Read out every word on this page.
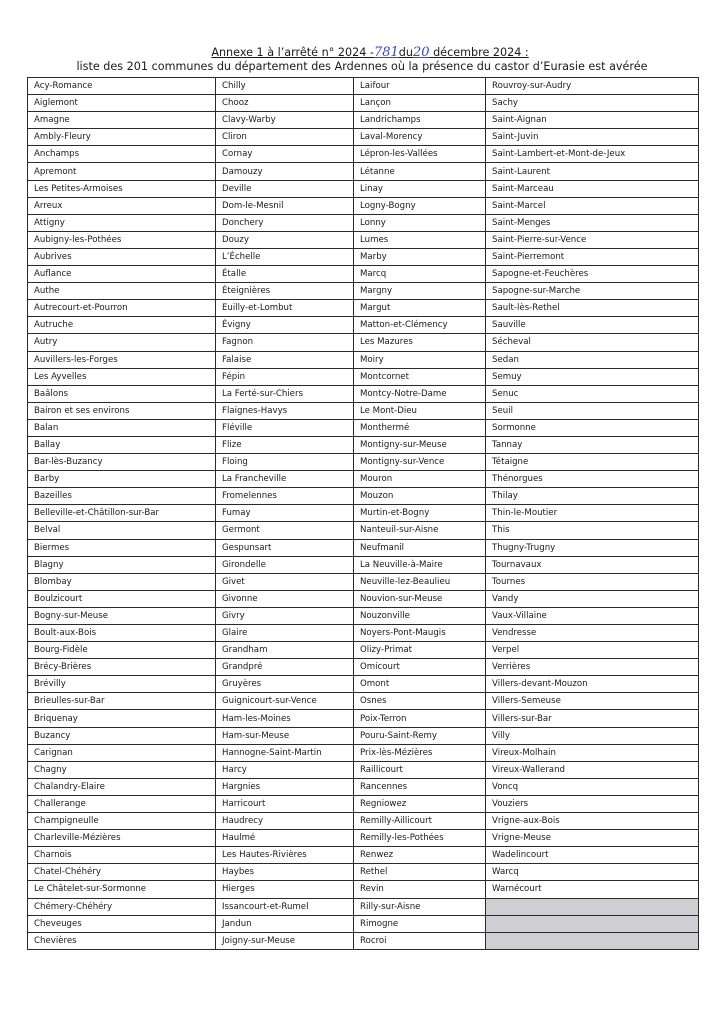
Annexe 1 à l’arrêté n° 2024 -781du20 décembre 2024 :
liste des 201 communes du département des Ardennes où la présence du castor d’Eurasie est avérée
Acy-Romance	Chilly	Laifour	Rouvroy-sur-Audry
Aiglemont	Chooz	Lançon	Sachy
Amagne	Clavy-Warby	Landrichamps	Saint-Aignan
Ambly-Fleury	Cliron	Laval-Morency	Saint-Juvin
Anchamps	Cornay	Lépron-les-Vallées	Saint-Lambert-et-Mont-de-Jeux
Apremont	Damouzy	Létanne	Saint-Laurent
Les Petites-Armoises	Deville	Linay	Saint-Marceau
Arreux	Dom-le-Mesnil	Logny-Bogny	Saint-Marcel
Attigny	Donchery	Lonny	Saint-Menges
Aubigny-les-Pothées	Douzy	Lumes	Saint-Pierre-sur-Vence
Aubrives	L’Échelle	Marby	Saint-Pierremont
Auflance	Étalle	Marcq	Sapogne-et-Feuchères
Authe	Éteignières	Margny	Sapogne-sur-Marche
Autrecourt-et-Pourron	Euilly-et-Lombut	Margut	Sault-lès-Rethel
Autruche	Évigny	Matton-et-Clémency	Sauville
Autry	Fagnon	Les Mazures	Sécheval
Auvillers-les-Forges	Falaise	Moiry	Sedan
Les Ayvelles	Fépin	Montcornet	Semuy
Baâlons	La Ferté-sur-Chiers	Montcy-Notre-Dame	Senuc
Bairon et ses environs	Flaignes-Havys	Le Mont-Dieu	Seuil
Balan	Fléville	Monthermé	Sormonne
Ballay	Flize	Montigny-sur-Meuse	Tannay
Bar-lès-Buzancy	Floing	Montigny-sur-Vence	Tétaigne
Barby	La Francheville	Mouron	Thénorgues
Bazeilles	Fromelennes	Mouzon	Thilay
Belleville-et-Châtillon-sur-Bar	Fumay	Murtin-et-Bogny	Thin-le-Moutier
Belval	Germont	Nanteuil-sur-Aisne	This
Biermes	Gespunsart	Neufmanil	Thugny-Trugny
Blagny	Girondelle	La Neuville-à-Maire	Tournavaux
Blombay	Givet	Neuville-lez-Beaulieu	Tournes
Boulzicourt	Givonne	Nouvion-sur-Meuse	Vandy
Bogny-sur-Meuse	Givry	Nouzonville	Vaux-Villaine
Boult-aux-Bois	Glaire	Noyers-Pont-Maugis	Vendresse
Bourg-Fidèle	Grandham	Olizy-Primat	Verpel
Brécy-Brières	Grandpré	Omicourt	Verrières
Brévilly	Gruyères	Omont	Villers-devant-Mouzon
Brieulles-sur-Bar	Guignicourt-sur-Vence	Osnes	Villers-Semeuse
Briquenay	Ham-les-Moines	Poix-Terron	Villers-sur-Bar
Buzancy	Ham-sur-Meuse	Pouru-Saint-Remy	Villy
Carignan	Hannogne-Saint-Martin	Prix-lès-Mézières	Vireux-Molhain
Chagny	Harcy	Raillicourt	Vireux-Wallerand
Chalandry-Elaire	Hargnies	Rancennes	Voncq
Challerange	Harricourt	Regniowez	Vouziers
Champigneulle	Haudrecy	Remilly-Aillicourt	Vrigne-aux-Bois
Charleville-Mézières	Haulmé	Remilly-les-Pothées	Vrigne-Meuse
Charnois	Les Hautes-Rivières	Renwez	Wadelincourt
Chatel-Chéhéry	Haybes	Rethel	Warcq
Le Châtelet-sur-Sormonne	Hierges	Revin	Warnécourt
Chémery-Chéhéry	Issancourt-et-Rumel	Rilly-sur-Aisne	
Cheveuges	Jandun	Rimogne	
Chevières	Joigny-sur-Meuse	Rocroi	
